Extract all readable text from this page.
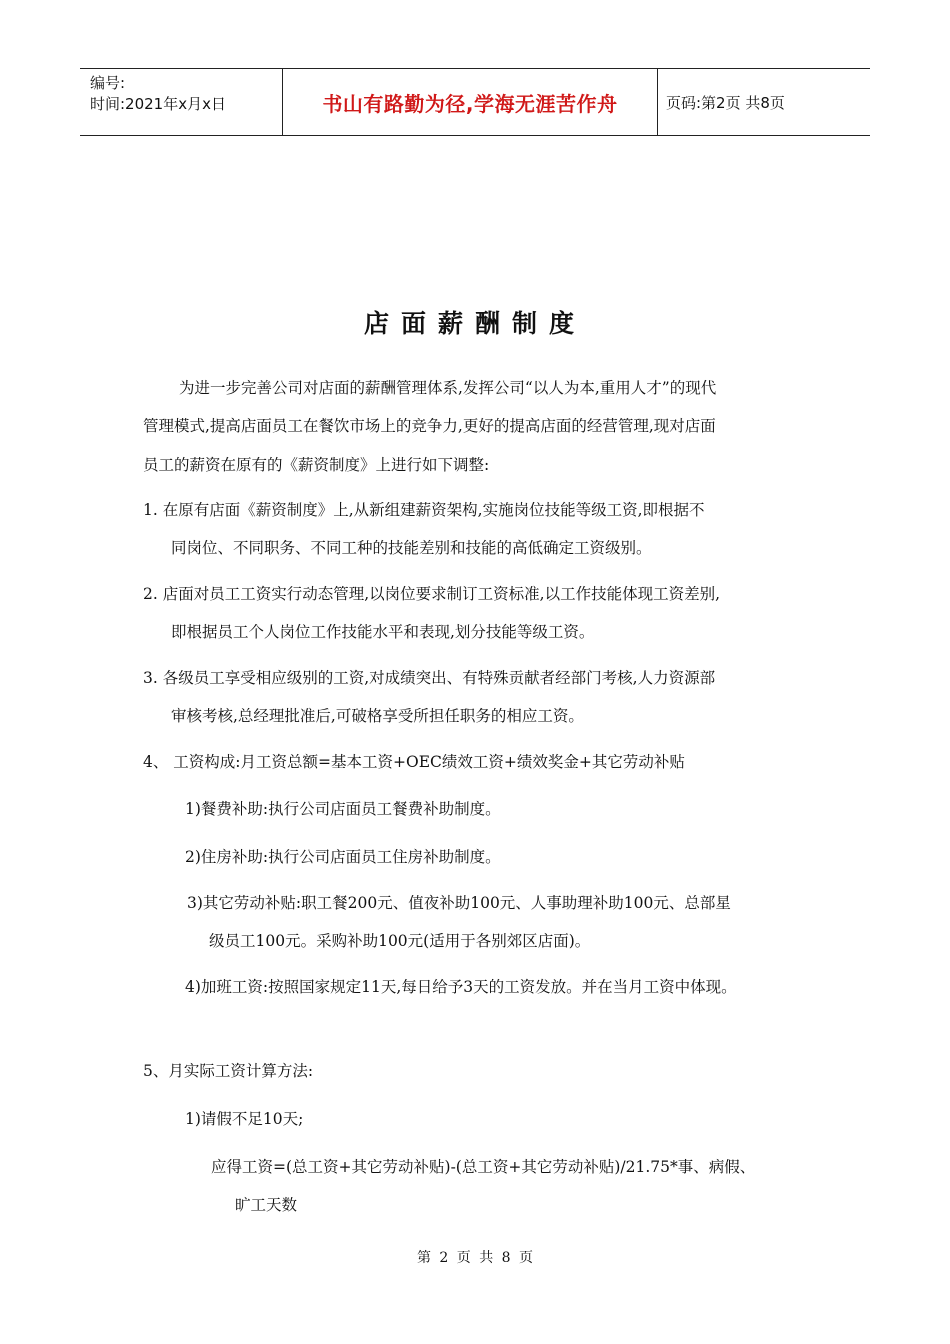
编号:
时间:2021年x月x日	书山有路勤为径,学海无涯苦作舟	页码:第2页 共8页
店面薪酬制度
为进一步完善公司对店面的薪酬管理体系,发挥公司“以人为本,重用人才”的现代
管理模式,提高店面员工在餐饮市场上的竞争力,更好的提高店面的经营管理,现对店面
员工的薪资在原有的《薪资制度》上进行如下调整:
1. 在原有店面《薪资制度》上,从新组建薪资架构,实施岗位技能等级工资,即根据不
同岗位、不同职务、不同工种的技能差别和技能的高低确定工资级别。
2. 店面对员工工资实行动态管理,以岗位要求制订工资标准,以工作技能体现工资差别,
即根据员工个人岗位工作技能水平和表现,划分技能等级工资。
3. 各级员工享受相应级别的工资,对成绩突出、有特殊贡献者经部门考核,人力资源部
审核考核,总经理批准后,可破格享受所担任职务的相应工资。
4、 工资构成:月工资总额=基本工资+OEC绩效工资+绩效奖金+其它劳动补贴
1)餐费补助:执行公司店面员工餐费补助制度。
2)住房补助:执行公司店面员工住房补助制度。
3)其它劳动补贴:职工餐200元、值夜补助100元、人事助理补助100元、总部星
级员工100元。采购补助100元(适用于各别郊区店面)。
4)加班工资:按照国家规定11天,每日给予3天的工资发放。并在当月工资中体现。
5、月实际工资计算方法:
1)请假不足10天;
应得工资=(总工资+其它劳动补贴)-(总工资+其它劳动补贴)/21.75*事、病假、
旷工天数
第 2 页 共 8 页
